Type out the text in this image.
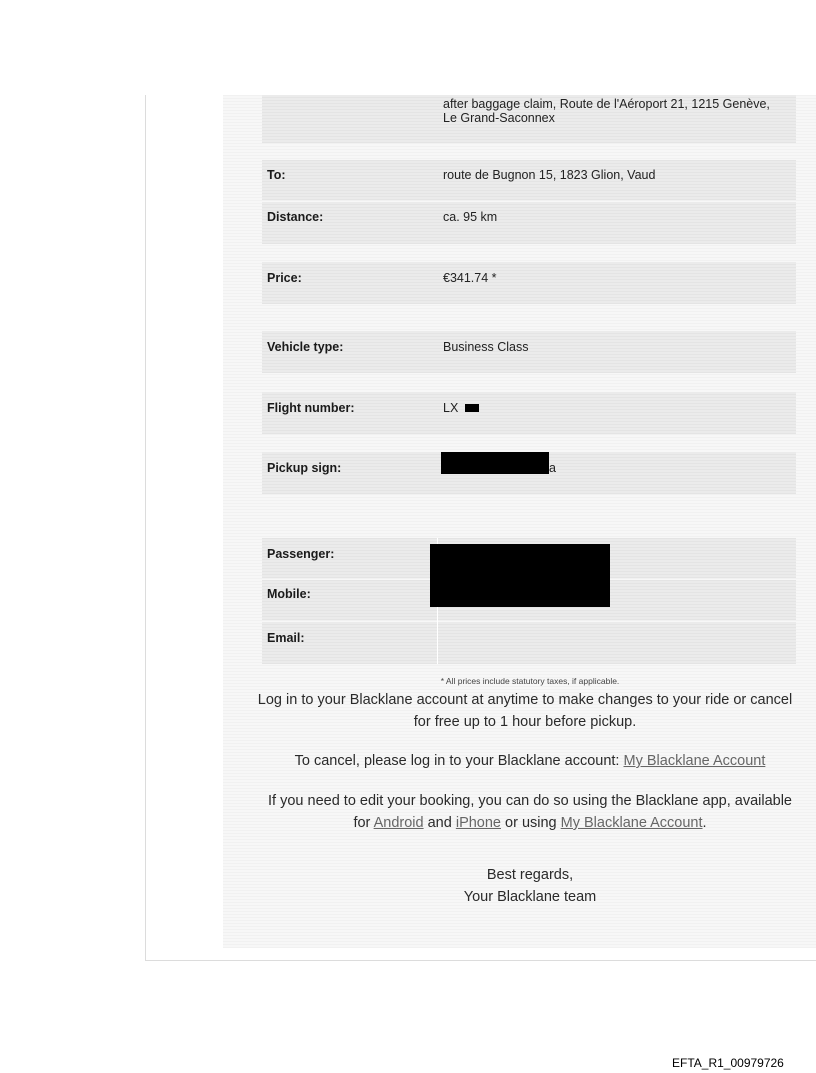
after baggage claim, Route de l'Aéroport 21, 1215 Genève, Le Grand-Saconnex
To:	route de Bugnon 15, 1823 Glion, Vaud
Distance:	ca. 95 km
Price:	€341.74 *
Vehicle type:	Business Class
Flight number:	LX
Pickup sign:	a
Passenger:
Mobile:
Email:
* All prices include statutory taxes, if applicable.
Log in to your Blacklane account at anytime to make changes to your ride or cancel
for free up to 1 hour before pickup.
To cancel, please log in to your Blacklane account: My Blacklane Account
If you need to edit your booking, you can do so using the Blacklane app, available
for Android and iPhone or using My Blacklane Account.
Best regards,
Your Blacklane team
EFTA_R1_00979726
